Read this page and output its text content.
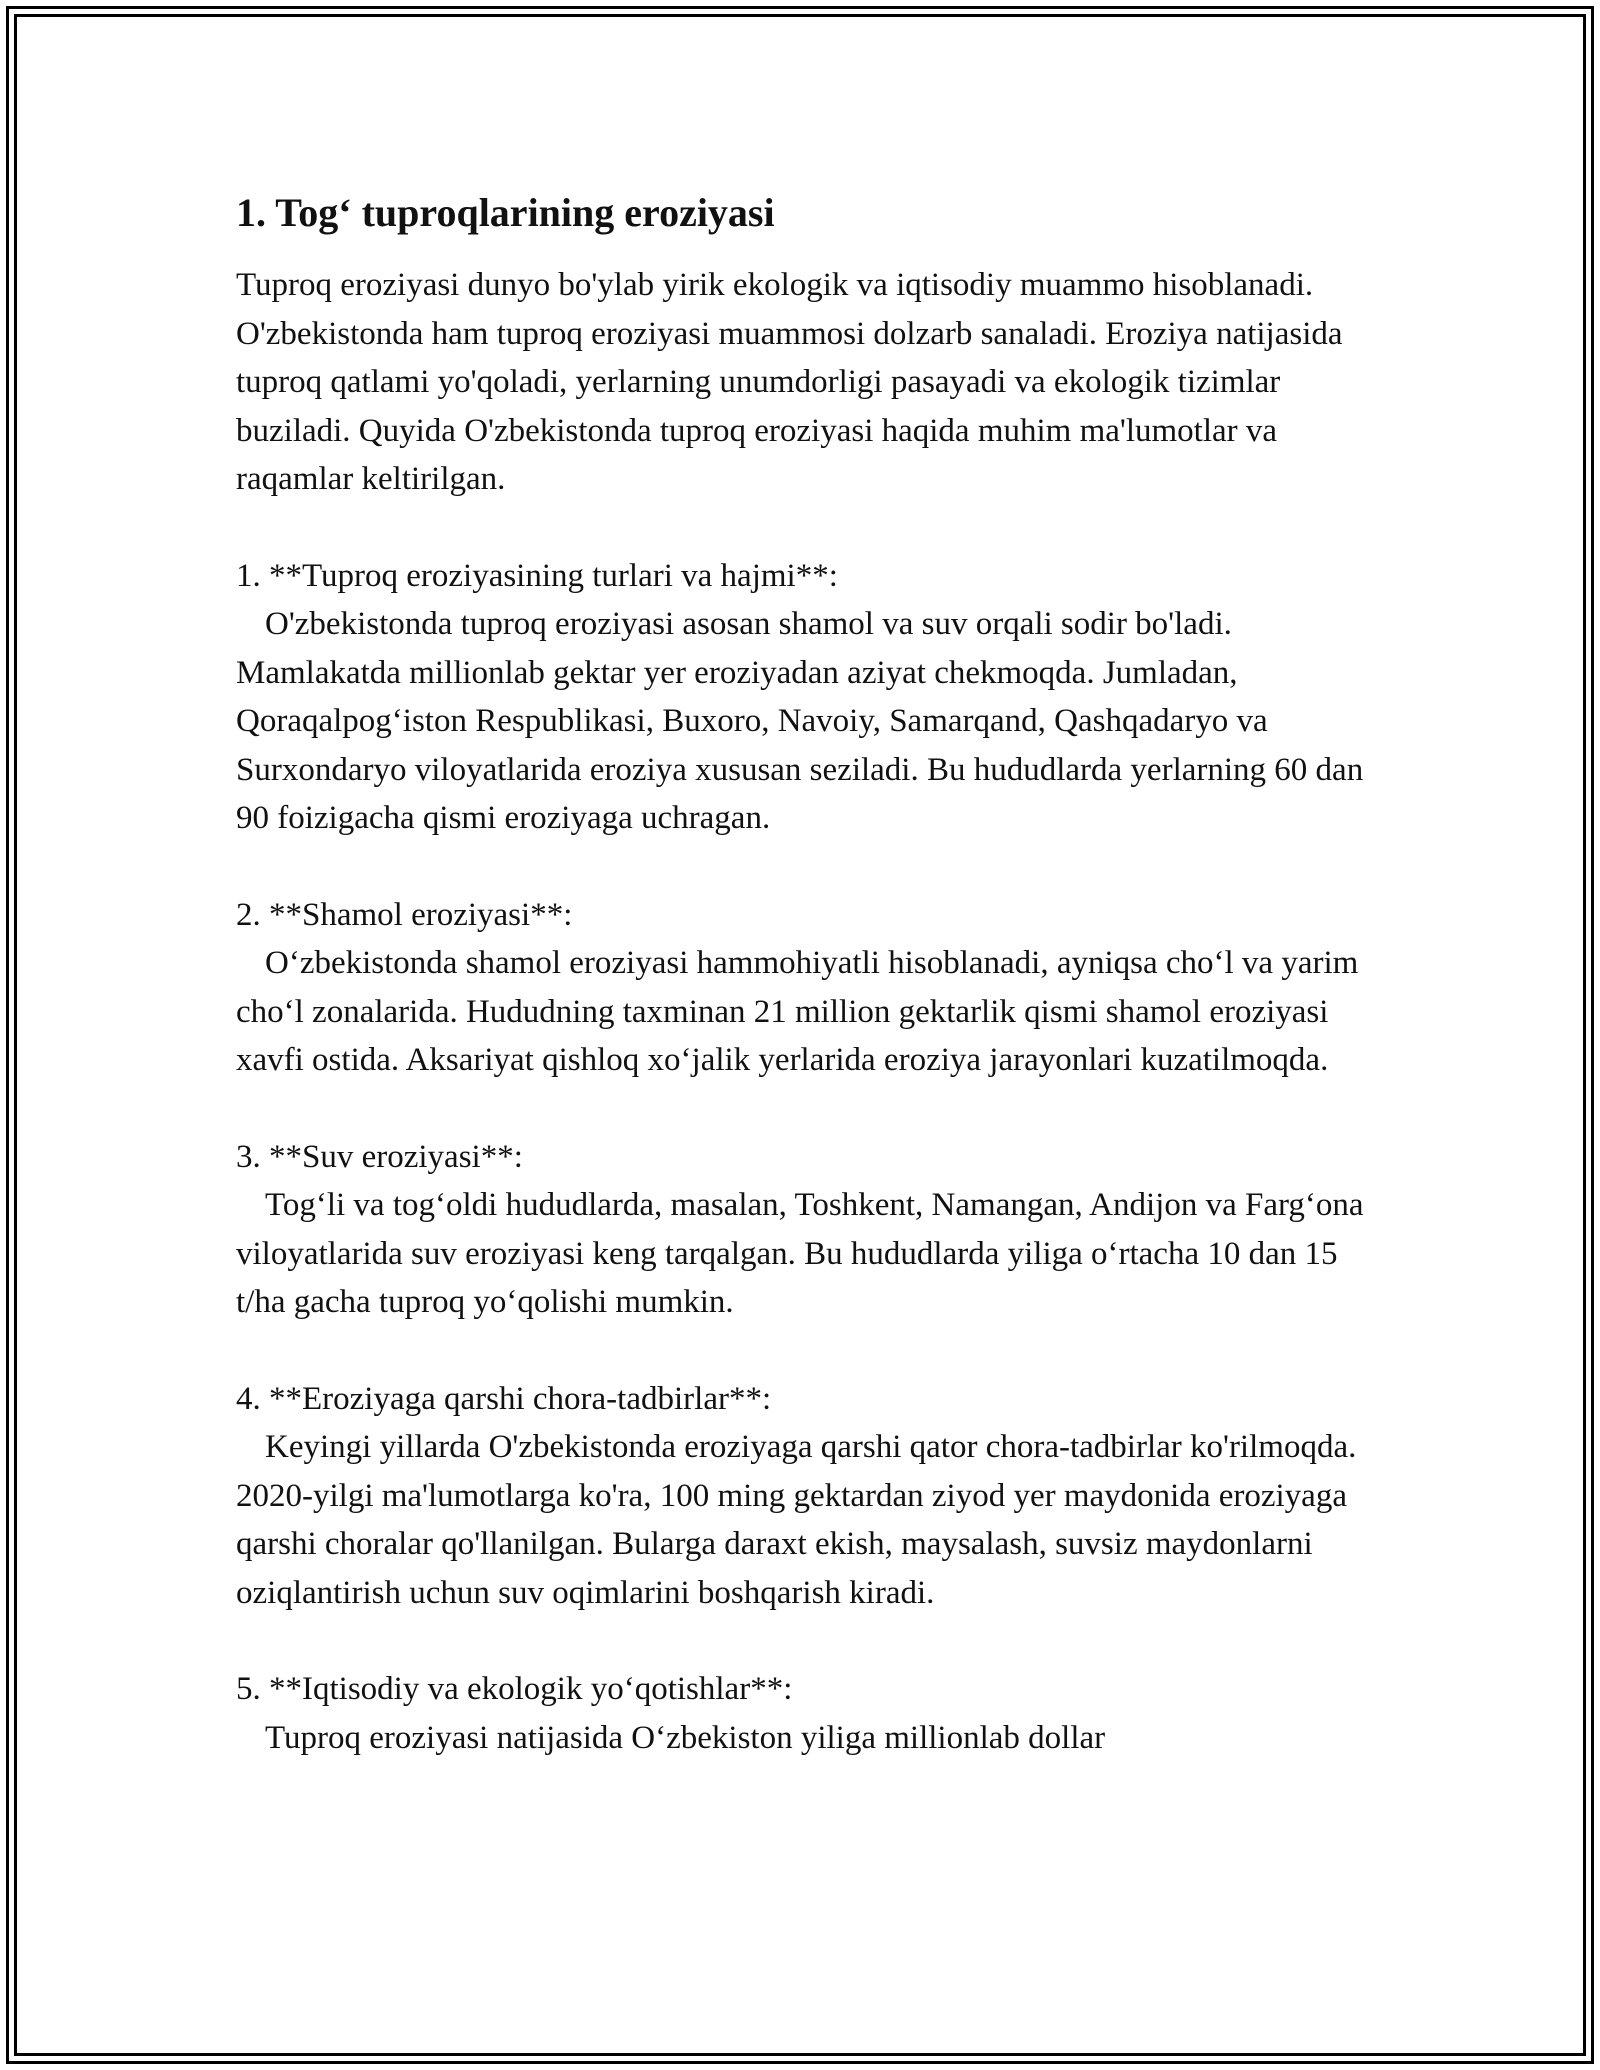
1. Tog‘ tuproqlarining eroziyasi

Tuproq eroziyasi dunyo bo'ylab yirik ekologik va iqtisodiy muammo hisoblanadi. O'zbekistonda ham tuproq eroziyasi muammosi dolzarb sanaladi. Eroziya natijasida tuproq qatlami yo'qoladi, yerlarning unumdorligi pasayadi va ekologik tizimlar buziladi. Quyida O'zbekistonda tuproq eroziyasi haqida muhim ma'lumotlar va raqamlar keltirilgan.

1. **Tuproq eroziyasining turlari va hajmi**:

O'zbekistonda tuproq eroziyasi asosan shamol va suv orqali sodir bo'ladi. Mamlakatda millionlab gektar yer eroziyadan aziyat chekmoqda. Jumladan, Qoraqalpog‘iston Respublikasi, Buxoro, Navoiy, Samarqand, Qashqadaryo va Surxondaryo viloyatlarida eroziya xususan seziladi. Bu hududlarda yerlarning 60 dan 90 foizigacha qismi eroziyaga uchragan.

2. **Shamol eroziyasi**:

O‘zbekistonda shamol eroziyasi hammohiyatli hisoblanadi, ayniqsa cho‘l va yarim cho‘l zonalarida. Hududning taxminan 21 million gektarlik qismi shamol eroziyasi xavfi ostida. Aksariyat qishloq xo‘jalik yerlarida eroziya jarayonlari kuzatilmoqda.

3. **Suv eroziyasi**:

Tog‘li va tog‘oldi hududlarda, masalan, Toshkent, Namangan, Andijon va Farg‘ona viloyatlarida suv eroziyasi keng tarqalgan. Bu hududlarda yiliga o‘rtacha 10 dan 15 t/ha gacha tuproq yo‘qolishi mumkin.

4. **Eroziyaga qarshi chora-tadbirlar**:

Keyingi yillarda O'zbekistonda eroziyaga qarshi qator chora-tadbirlar ko'rilmoqda. 2020-yilgi ma'lumotlarga ko'ra, 100 ming gektardan ziyod yer maydonida eroziyaga qarshi choralar qo'llanilgan. Bularga daraxt ekish, maysalash, suvsiz maydonlarni oziqlantirish uchun suv oqimlarini boshqarish kiradi.

5. **Iqtisodiy va ekologik yo‘qotishlar**:

Tuproq eroziyasi natijasida O‘zbekiston yiliga millionlab dollar
